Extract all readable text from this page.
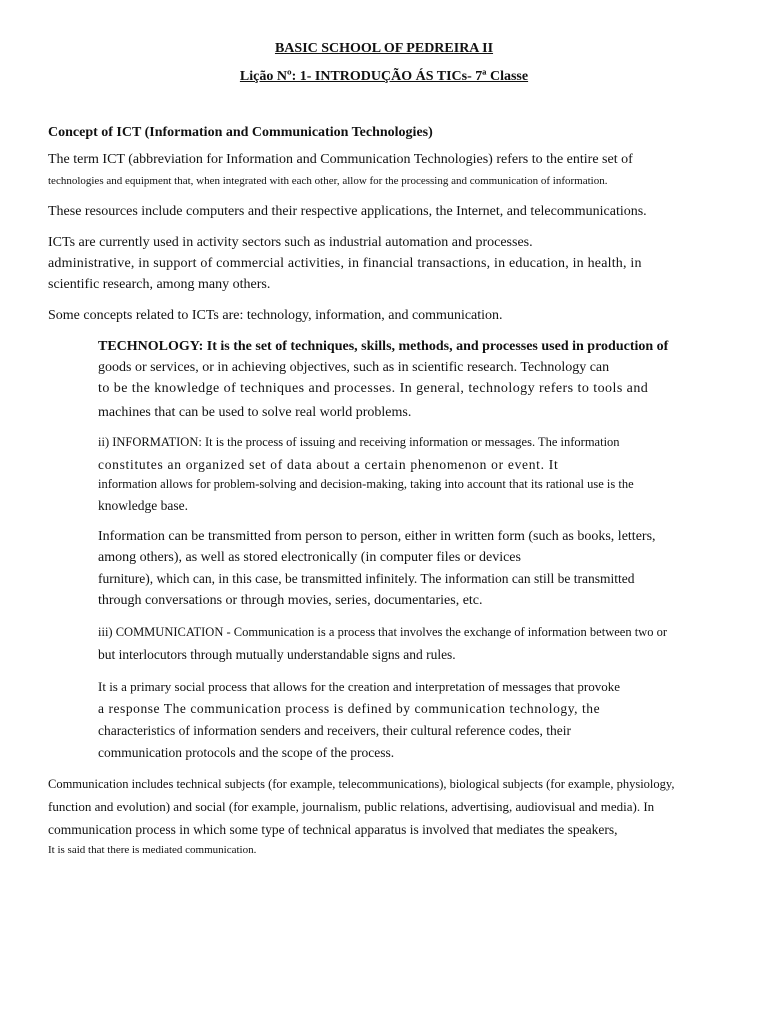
BASIC SCHOOL OF PEDREIRA II
Lição Nº: 1- INTRODUÇÃO ÁS TICs- 7ª Classe
Concept of ICT (Information and Communication Technologies)
The term ICT (abbreviation for Information and Communication Technologies) refers to the entire set of
technologies and equipment that, when integrated with each other, allow for the processing and communication of information.
These resources include computers and their respective applications, the Internet, and telecommunications.
ICTs are currently used in activity sectors such as industrial automation and processes.
administrative, in support of commercial activities, in financial transactions, in education, in health, in
scientific research, among many others.
Some concepts related to ICTs are: technology, information, and communication.
TECHNOLOGY: It is the set of techniques, skills, methods, and processes used in production of
goods or services, or in achieving objectives, such as in scientific research. Technology can
to be the knowledge of techniques and processes. In general, technology refers to tools and
machines that can be used to solve real world problems.
ii) INFORMATION: It is the process of issuing and receiving information or messages. The information
constitutes an organized set of data about a certain phenomenon or event. It
information allows for problem-solving and decision-making, taking into account that its rational use is the
knowledge base.
Information can be transmitted from person to person, either in written form (such as books, letters,
among others), as well as stored electronically (in computer files or devices
furniture), which can, in this case, be transmitted infinitely. The information can still be transmitted
through conversations or through movies, series, documentaries, etc.
iii) COMMUNICATION - Communication is a process that involves the exchange of information between two or
but interlocutors through mutually understandable signs and rules.
It is a primary social process that allows for the creation and interpretation of messages that provoke
a response The communication process is defined by communication technology, the
characteristics of information senders and receivers, their cultural reference codes, their
communication protocols and the scope of the process.
Communication includes technical subjects (for example, telecommunications), biological subjects (for example, physiology,
function and evolution) and social (for example, journalism, public relations, advertising, audiovisual and media). In
communication process in which some type of technical apparatus is involved that mediates the speakers,
It is said that there is mediated communication.
